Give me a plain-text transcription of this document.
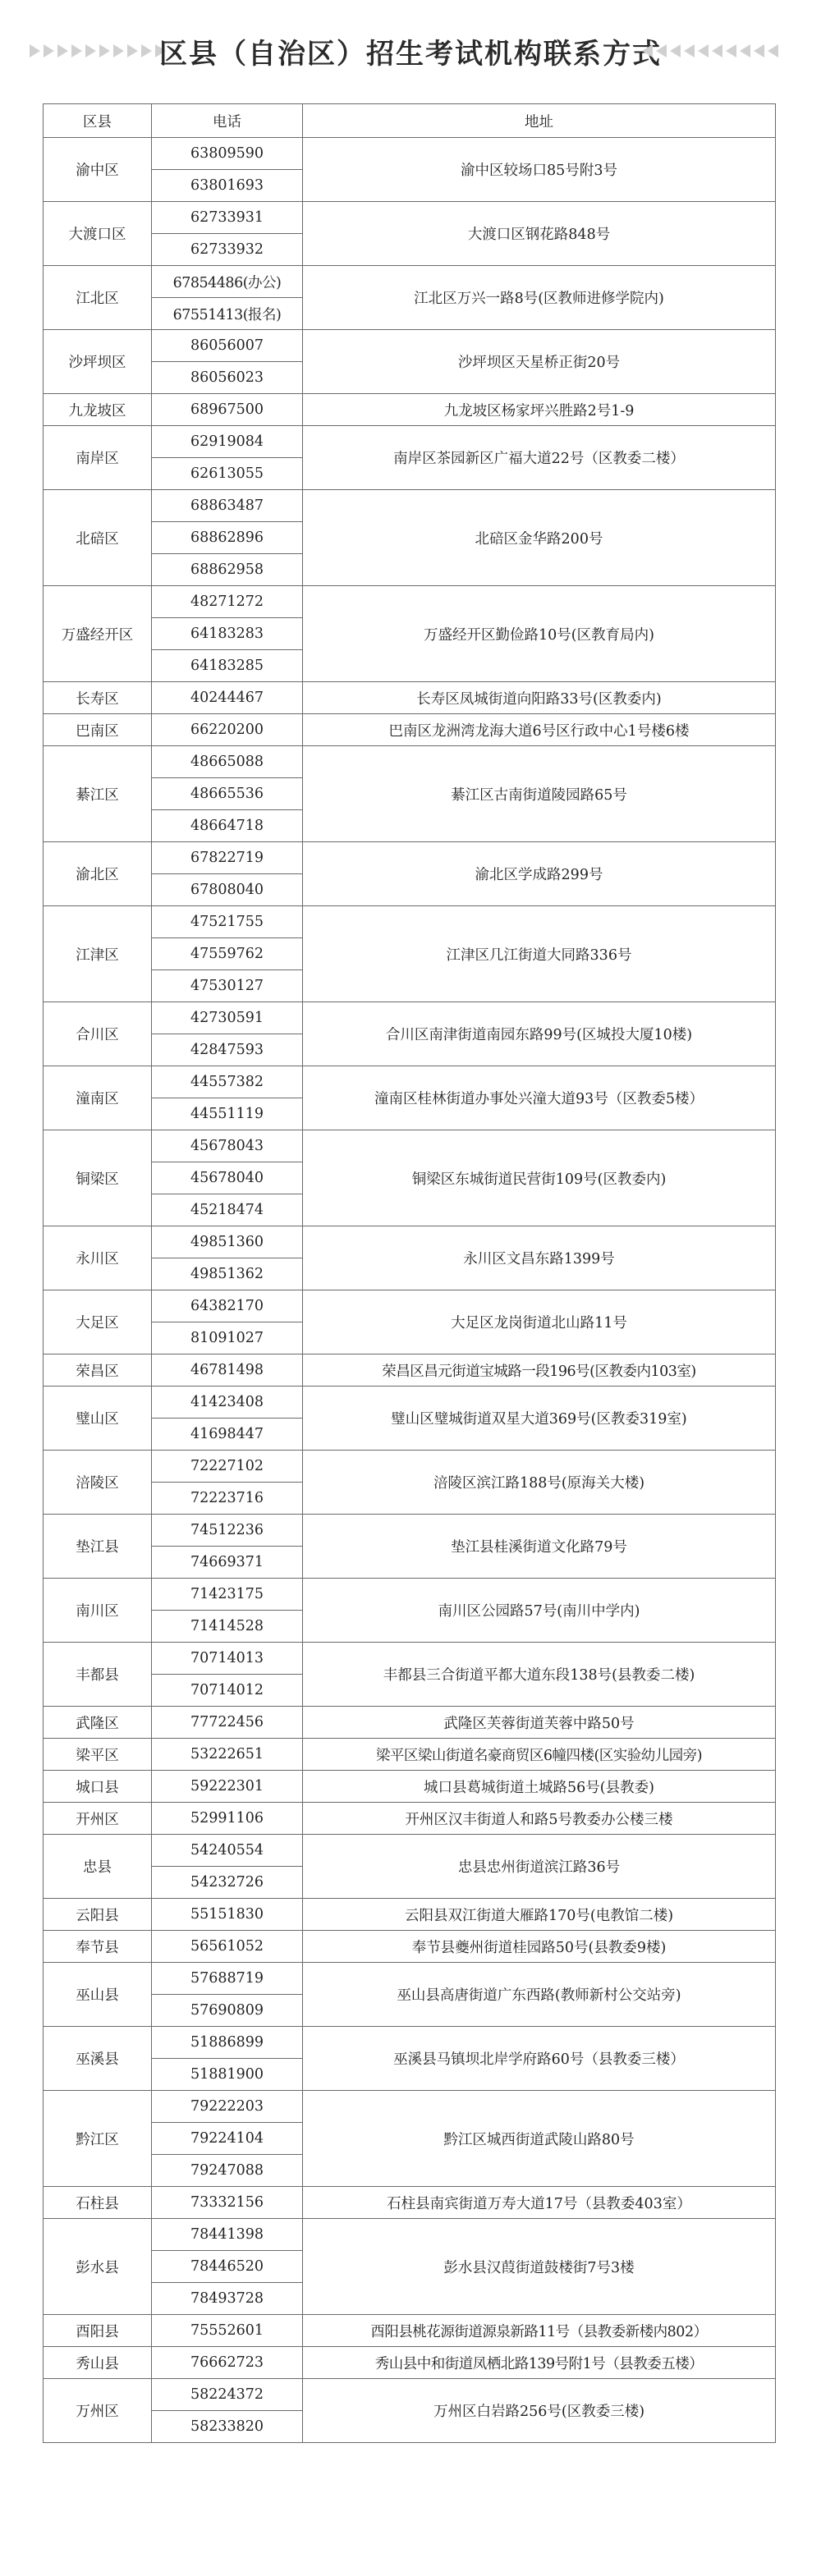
区县（自治区）招生考试机构联系方式
区县	电话	地址
渝中区	63809590	渝中区较场口85号附3号
	63801693	
大渡口区	62733931	大渡口区钢花路848号
	62733932	
江北区	67854486(办公)	江北区万兴一路8号(区教师进修学院内)
	67551413(报名)	
沙坪坝区	86056007	沙坪坝区天星桥正街20号
	86056023	
九龙坡区	68967500	九龙坡区杨家坪兴胜路2号1-9
南岸区	62919084	南岸区茶园新区广福大道22号（区教委二楼）
	62613055	
北碚区	68863487	北碚区金华路200号
	68862896	
	68862958	
万盛经开区	48271272	万盛经开区勤俭路10号(区教育局内)
	64183283	
	64183285	
长寿区	40244467	长寿区凤城街道向阳路33号(区教委内)
巴南区	66220200	巴南区龙洲湾龙海大道6号区行政中心1号楼6楼
綦江区	48665088	綦江区古南街道陵园路65号
	48665536	
	48664718	
渝北区	67822719	渝北区学成路299号
	67808040	
江津区	47521755	江津区几江街道大同路336号
	47559762	
	47530127	
合川区	42730591	合川区南津街道南园东路99号(区城投大厦10楼)
	42847593	
潼南区	44557382	潼南区桂林街道办事处兴潼大道93号（区教委5楼）
	44551119	
铜梁区	45678043	铜梁区东城街道民营街109号(区教委内)
	45678040	
	45218474	
永川区	49851360	永川区文昌东路1399号
	49851362	
大足区	64382170	大足区龙岗街道北山路11号
	81091027	
荣昌区	46781498	荣昌区昌元街道宝城路一段196号(区教委内103室)
璧山区	41423408	璧山区璧城街道双星大道369号(区教委319室)
	41698447	
涪陵区	72227102	涪陵区滨江路188号(原海关大楼)
	72223716	
垫江县	74512236	垫江县桂溪街道文化路79号
	74669371	
南川区	71423175	南川区公园路57号(南川中学内)
	71414528	
丰都县	70714013	丰都县三合街道平都大道东段138号(县教委二楼)
	70714012	
武隆区	77722456	武隆区芙蓉街道芙蓉中路50号
梁平区	53222651	梁平区梁山街道名豪商贸区6幢四楼(区实验幼儿园旁)
城口县	59222301	城口县葛城街道土城路56号(县教委)
开州区	52991106	开州区汉丰街道人和路5号教委办公楼三楼
忠县	54240554	忠县忠州街道滨江路36号
	54232726	
云阳县	55151830	云阳县双江街道大雁路170号(电教馆二楼)
奉节县	56561052	奉节县夔州街道桂园路50号(县教委9楼)
巫山县	57688719	巫山县高唐街道广东西路(教师新村公交站旁)
	57690809	
巫溪县	51886899	巫溪县马镇坝北岸学府路60号（县教委三楼）
	51881900	
黔江区	79222203	黔江区城西街道武陵山路80号
	79224104	
	79247088	
石柱县	73332156	石柱县南宾街道万寿大道17号（县教委403室）
彭水县	78441398	彭水县汉葭街道鼓楼街7号3楼
	78446520	
	78493728	
酉阳县	75552601	酉阳县桃花源街道源泉新路11号（县教委新楼内802）
秀山县	76662723	秀山县中和街道凤栖北路139号附1号（县教委五楼）
万州区	58224372	万州区白岩路256号(区教委三楼)
	58233820	
